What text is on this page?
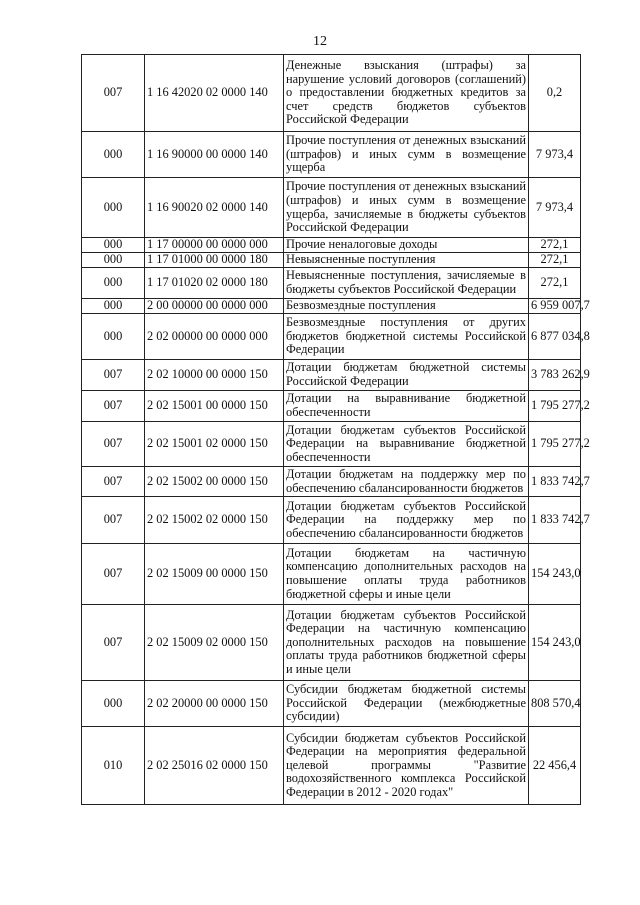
12
007	1 16 42020 02 0000 140	Денежные взыскания (штрафы) за нарушение условий договоров (соглашений) о предоставлении бюджетных кредитов за счет средств бюджетов субъектов Российской Федерации	0,2
000	1 16 90000 00 0000 140	Прочие поступления от денежных взысканий (штрафов) и иных сумм в возмещение ущерба	7 973,4
000	1 16 90020 02 0000 140	Прочие поступления от денежных взысканий (штрафов) и иных сумм в возмещение ущерба, зачисляемые в бюджеты субъектов Российской Федерации	7 973,4
000	1 17 00000 00 0000 000	Прочие неналоговые доходы	272,1
000	1 17 01000 00 0000 180	Невыясненные поступления	272,1
000	1 17 01020 02 0000 180	Невыясненные поступления, зачисляемые в бюджеты субъектов Российской Федерации	272,1
000	2 00 00000 00 0000 000	Безвозмездные поступления	6 959 007,7
000	2 02 00000 00 0000 000	Безвозмездные поступления от других бюджетов бюджетной системы Российской Федерации	6 877 034,8
007	2 02 10000 00 0000 150	Дотации бюджетам бюджетной системы Российской Федерации	3 783 262,9
007	2 02 15001 00 0000 150	Дотации на выравнивание бюджетной обеспеченности	1 795 277,2
007	2 02 15001 02 0000 150	Дотации бюджетам субъектов Российской Федерации на выравнивание бюджетной обеспеченности	1 795 277,2
007	2 02 15002 00 0000 150	Дотации бюджетам на поддержку мер по обеспечению сбалансированности бюджетов	1 833 742,7
007	2 02 15002 02 0000 150	Дотации бюджетам субъектов Российской Федерации на поддержку мер по обеспечению сбалансированности бюджетов	1 833 742,7
007	2 02 15009 00 0000 150	Дотации бюджетам на частичную компенсацию дополнительных расходов на повышение оплаты труда работников бюджетной сферы и иные цели	154 243,0
007	2 02 15009 02 0000 150	Дотации бюджетам субъектов Российской Федерации на частичную компенсацию дополнительных расходов на повышение оплаты труда работников бюджетной сферы и иные цели	154 243,0
000	2 02 20000 00 0000 150	Субсидии бюджетам бюджетной системы Российской Федерации (межбюджетные субсидии)	808 570,4
010	2 02 25016 02 0000 150	Субсидии бюджетам субъектов Российской Федерации на мероприятия федеральной целевой программы "Развитие водохозяйственного комплекса Российской Федерации в 2012 - 2020 годах"	22 456,4
